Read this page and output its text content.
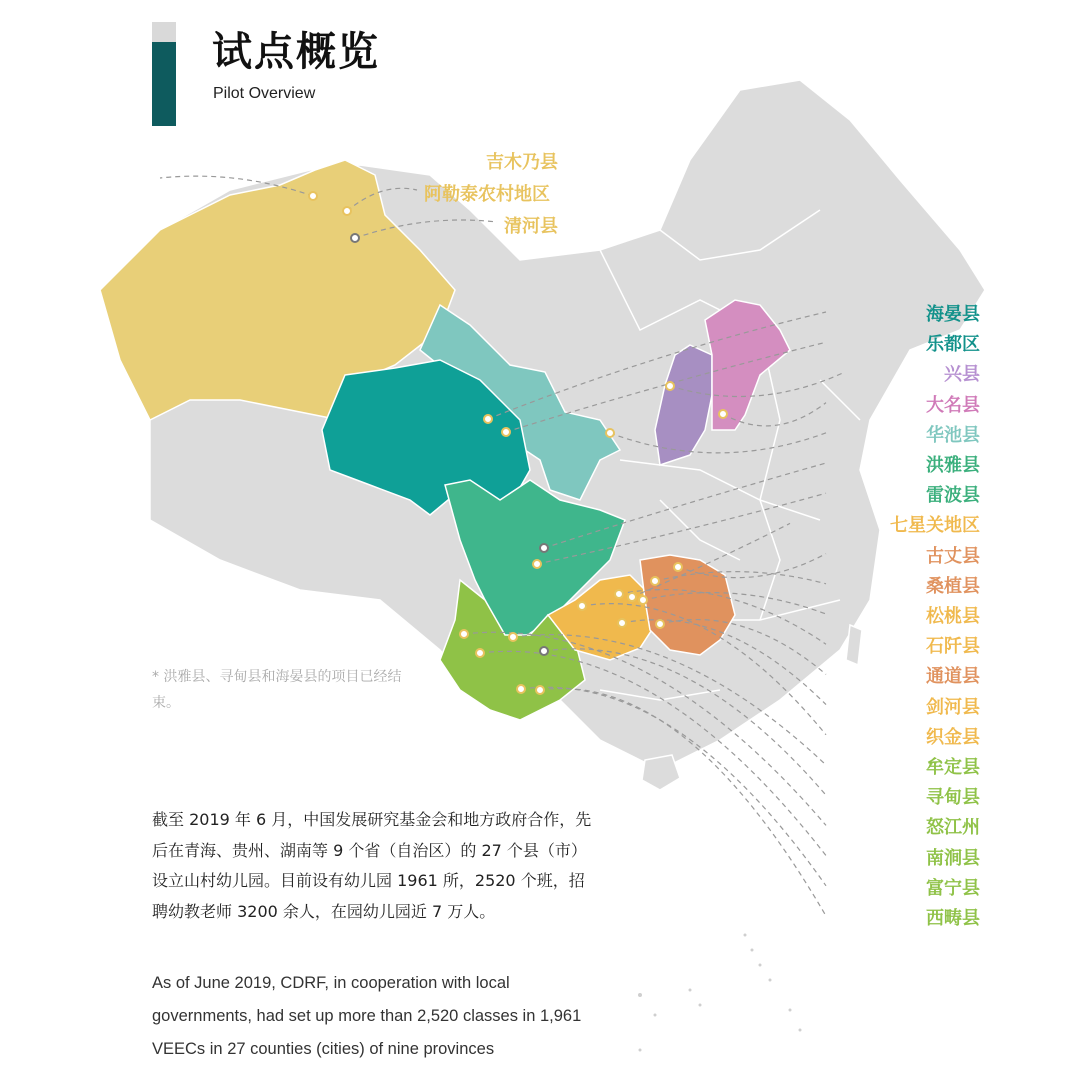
试点概览
Pilot Overview
吉木乃县
阿勒泰农村地区
清河县
海晏县
乐都区
兴县
大名县
华池县
洪雅县
雷波县
七星关地区
古丈县
桑植县
松桃县
石阡县
通道县
剑河县
织金县
牟定县
寻甸县
怒江州
南涧县
富宁县
西畴县
* 洪雅县、寻甸县和海晏县的项目已经结束。
截至 2019 年 6 月，中国发展研究基金会和地方政府合作，先后在青海、贵州、湖南等 9 个省（自治区）的 27 个县（市）设立山村幼儿园。目前设有幼儿园 1961 所，2520 个班，招聘幼教老师 3200 余人，在园幼儿园近 7 万人。
As of June 2019, CDRF, in cooperation with local governments, had set up more than 2,520 classes in 1,961 VEECs in 27 counties (cities) of nine provinces
